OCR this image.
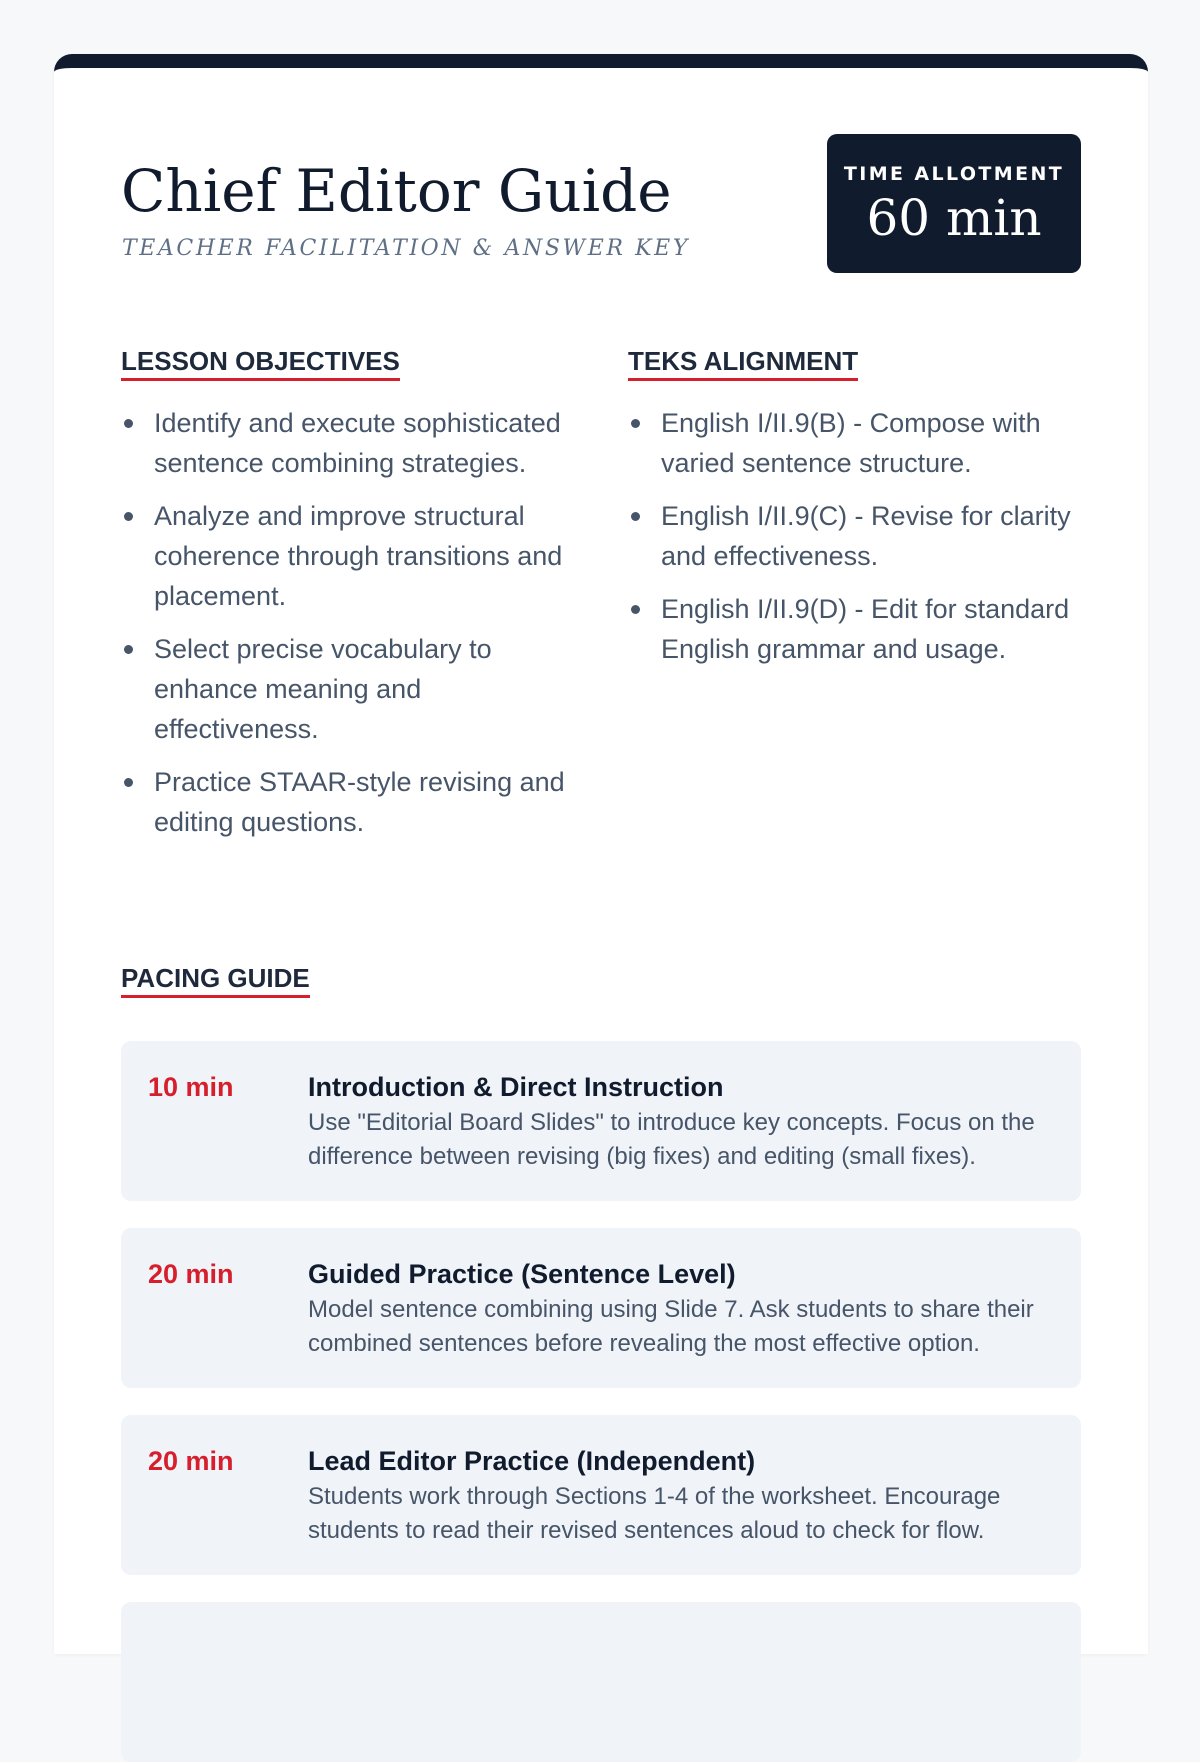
Chief Editor Guide
TEACHER FACILITATION & ANSWER KEY
TIME ALLOTMENT
60 min
LESSON OBJECTIVES
Identify and execute sophisticated sentence combining strategies.
Analyze and improve structural coherence through transitions and placement.
Select precise vocabulary to enhance meaning and effectiveness.
Practice STAAR-style revising and editing questions.
TEKS ALIGNMENT
English I/II.9(B) - Compose with varied sentence structure.
English I/II.9(C) - Revise for clarity and effectiveness.
English I/II.9(D) - Edit for standard English grammar and usage.
PACING GUIDE
10 min	Introduction & Direct Instruction
Use "Editorial Board Slides" to introduce key concepts. Focus on the difference between revising (big fixes) and editing (small fixes).
20 min	Guided Practice (Sentence Level)
Model sentence combining using Slide 7. Ask students to share their combined sentences before revealing the most effective option.
20 min	Lead Editor Practice (Independent)
Students work through Sections 1-4 of the worksheet. Encourage students to read their revised sentences aloud to check for flow.
